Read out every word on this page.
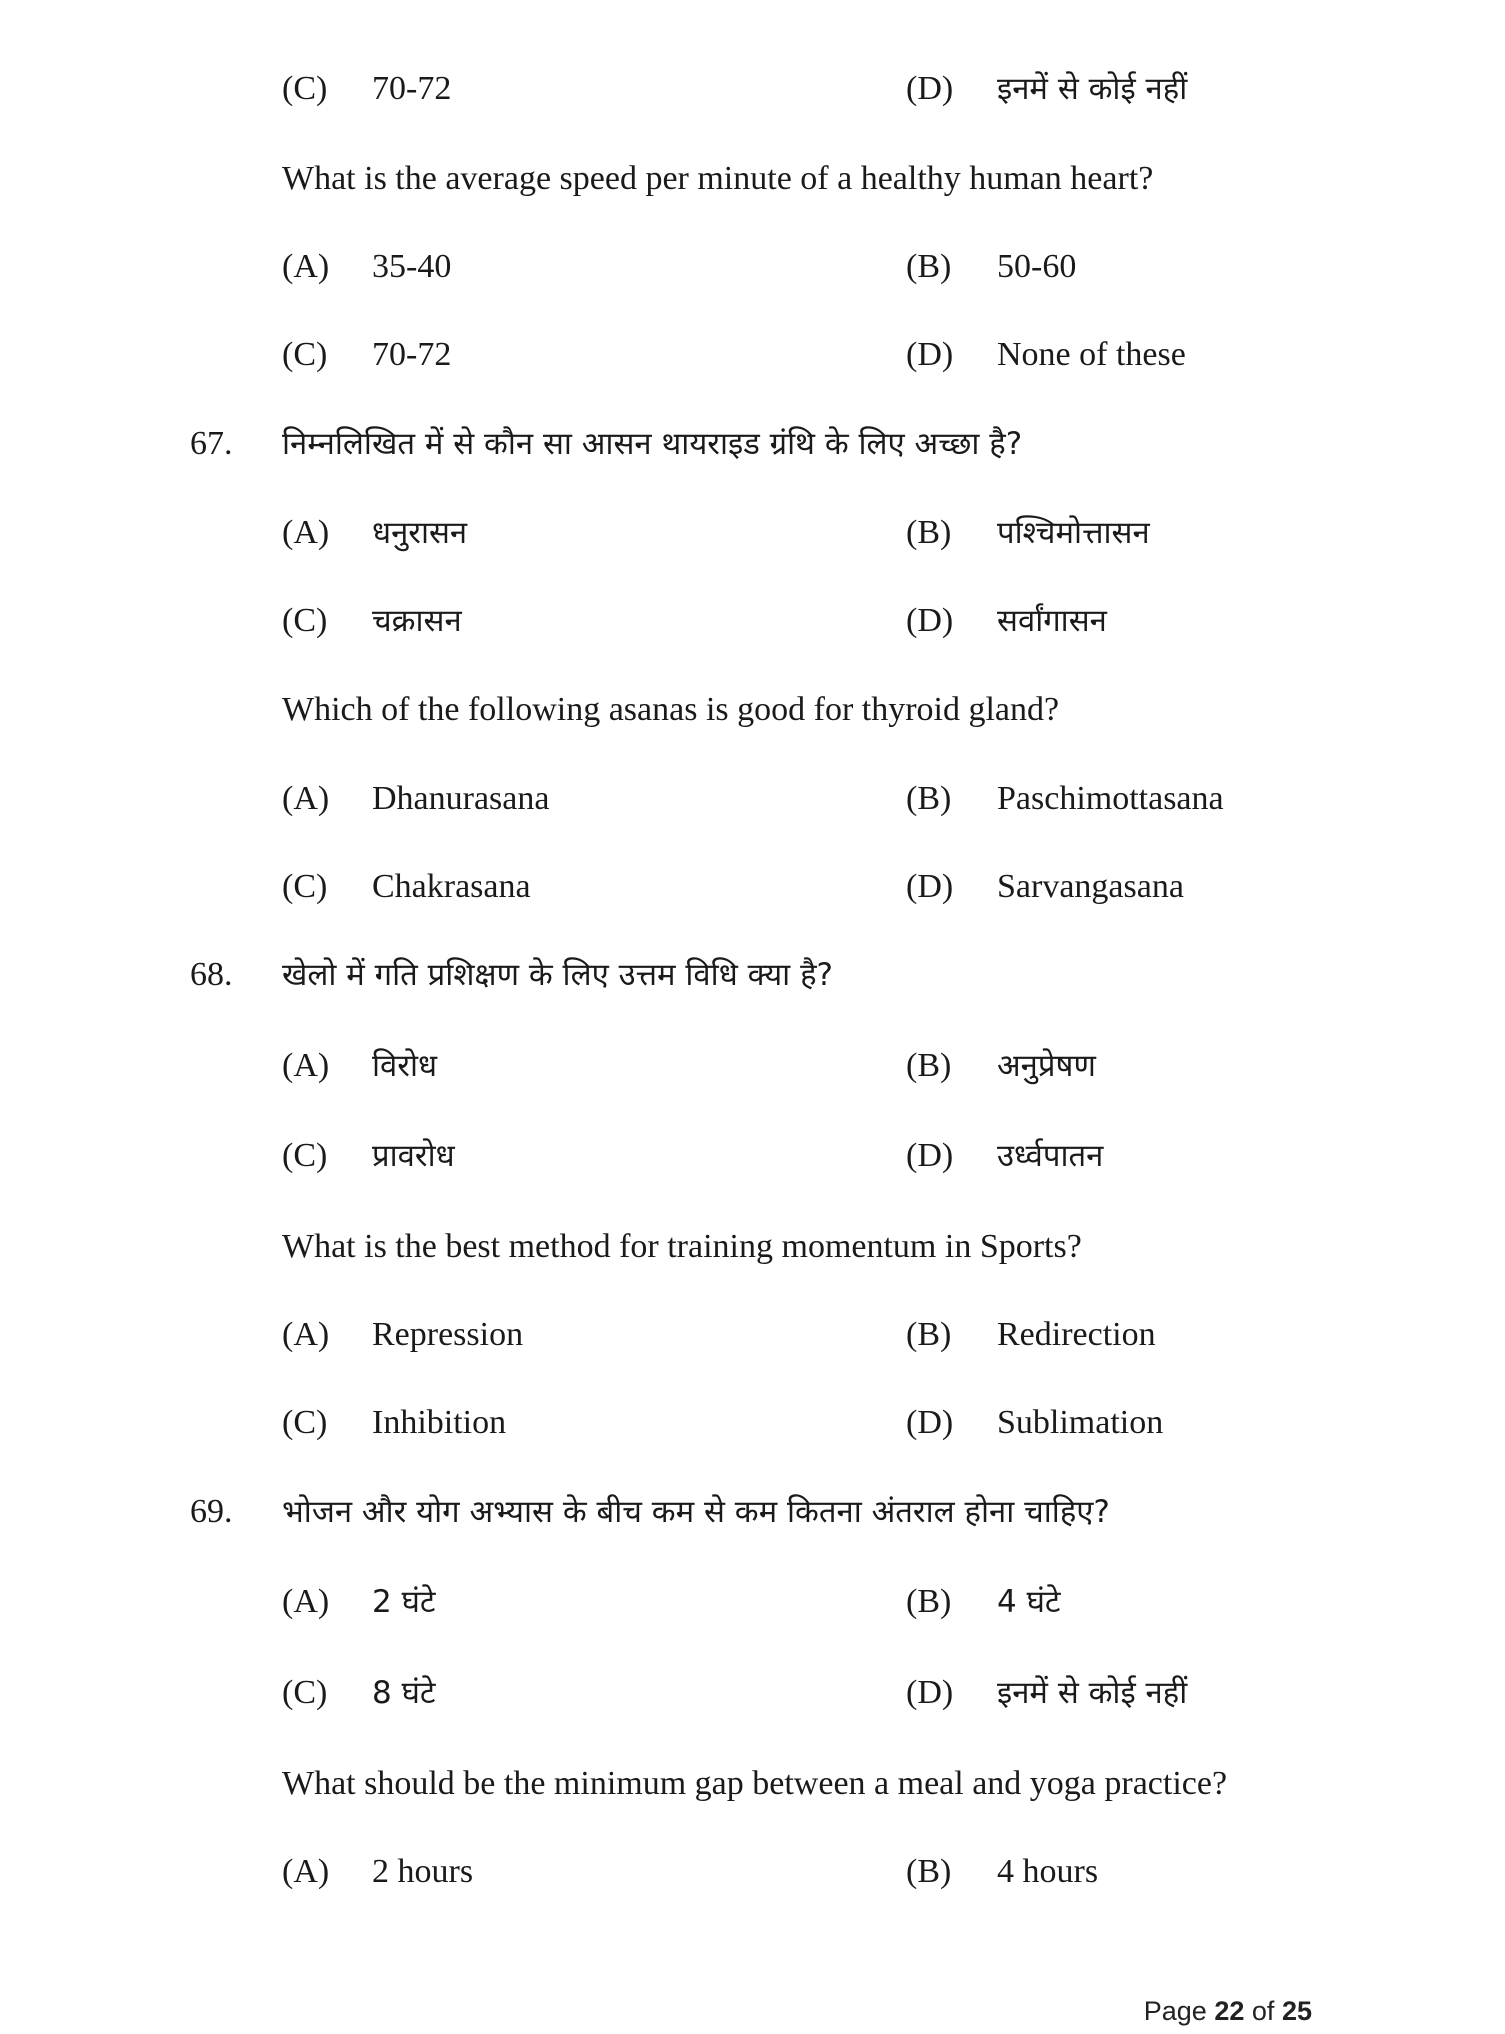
(C) 70-72	(D) इनमें से कोई नहीं
What is the average speed per minute of a healthy human heart?
(A) 35-40	(B) 50-60
(C) 70-72	(D) None of these
67. निम्नलिखित में से कौन सा आसन थायराइड ग्रंथि के लिए अच्छा है?
(A) धनुरासन	(B) पश्चिमोत्तासन
(C) चक्रासन	(D) सर्वांगासन
Which of the following asanas is good for thyroid gland?
(A) Dhanurasana	(B) Paschimottasana
(C) Chakrasana	(D) Sarvangasana
68. खेलो में गति प्रशिक्षण के लिए उत्तम विधि क्या है?
(A) विरोध	(B) अनुप्रेषण
(C) प्रावरोध	(D) उर्ध्वपातन
What is the best method for training momentum in Sports?
(A) Repression	(B) Redirection
(C) Inhibition	(D) Sublimation
69. भोजन और योग अभ्यास के बीच कम से कम कितना अंतराल होना चाहिए?
(A) 2 घंटे	(B) 4 घंटे
(C) 8 घंटे	(D) इनमें से कोई नहीं
What should be the minimum gap between a meal and yoga practice?
(A) 2 hours	(B) 4 hours
Page 22 of 25
